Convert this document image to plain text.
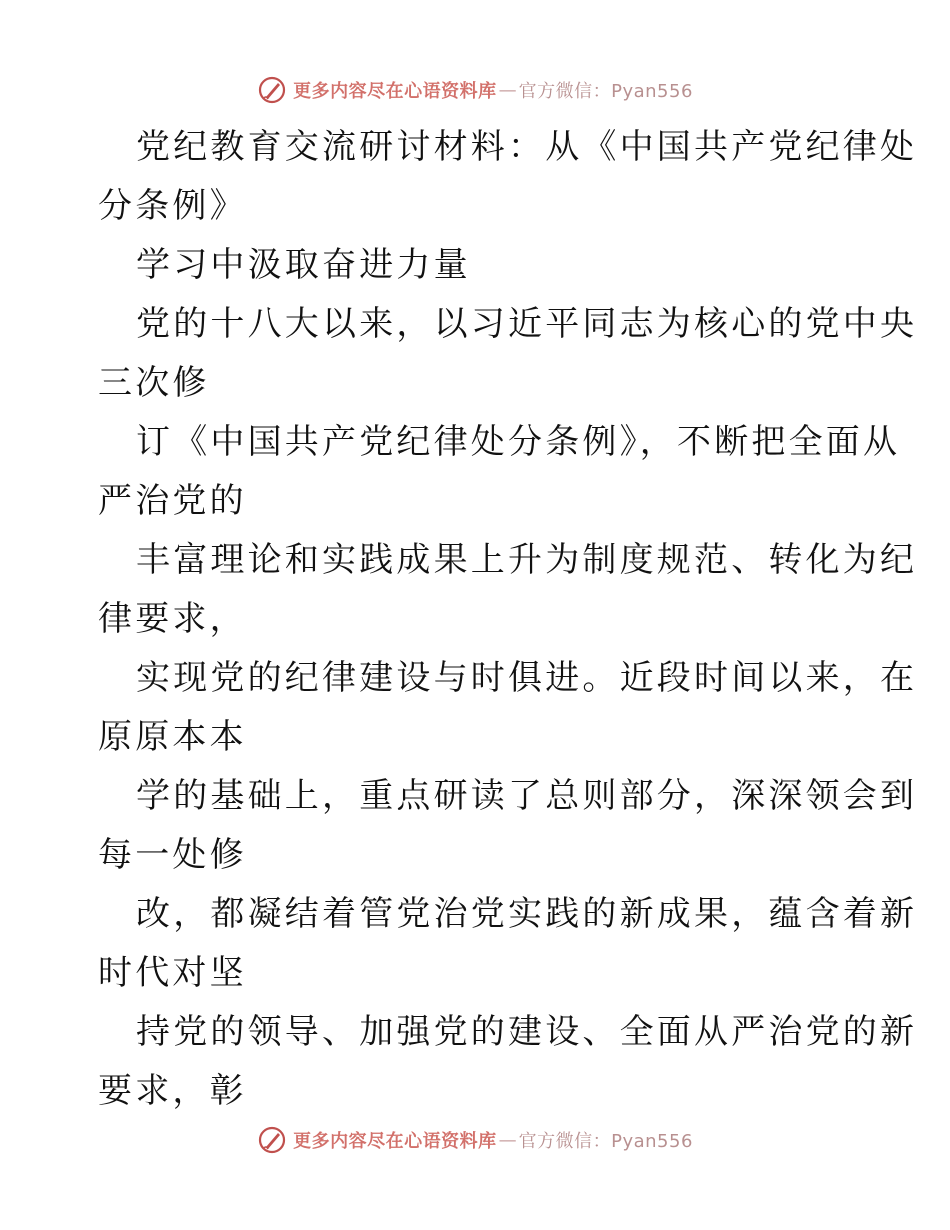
更多内容尽在心语资料库 — 官方微信：Pyan556
党纪教育交流研讨材料：从《中国共产党纪律处
分条例》
学习中汲取奋进力量
党的十八大以来，以习近平同志为核心的党中央
三次修
订《中国共产党纪律处分条例》，不断把全面从
严治党的
丰富理论和实践成果上升为制度规范、转化为纪
律要求，
实现党的纪律建设与时俱进。近段时间以来，在
原原本本
学的基础上，重点研读了总则部分，深深领会到
每一处修
改，都凝结着管党治党实践的新成果，蕴含着新
时代对坚
持党的领导、加强党的建设、全面从严治党的新
要求，彰
更多内容尽在心语资料库 — 官方微信：Pyan556
